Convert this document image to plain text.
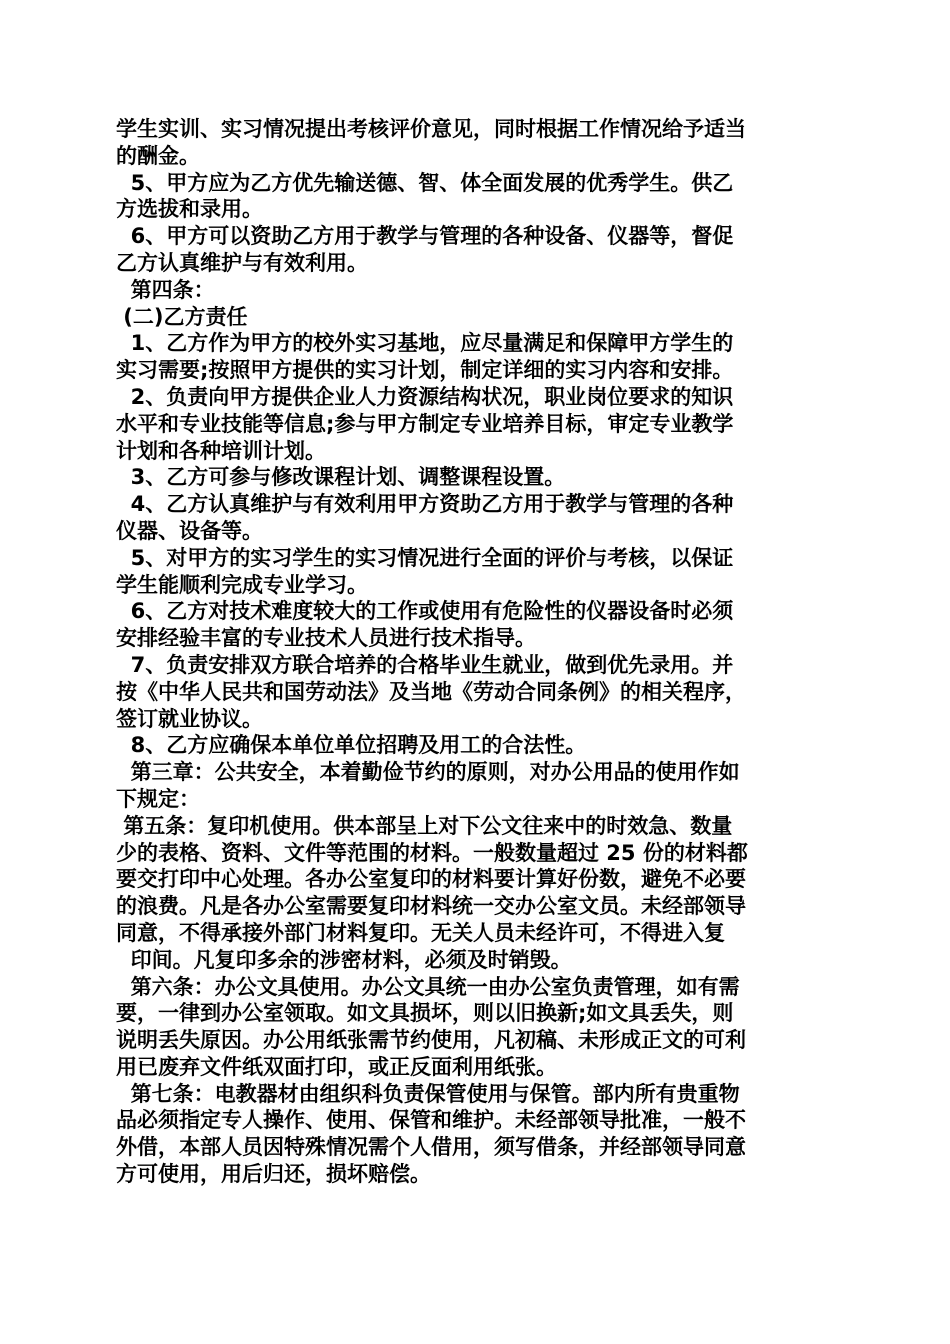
学生实训、实习情况提出考核评价意见，同时根据工作情况给予适当
的酬金。
5、甲方应为乙方优先输送德、智、体全面发展的优秀学生。供乙
方选拔和录用。
6、甲方可以资助乙方用于教学与管理的各种设备、仪器等，督促
乙方认真维护与有效利用。
第四条：
(二)乙方责任
1、乙方作为甲方的校外实习基地，应尽量满足和保障甲方学生的
实习需要;按照甲方提供的实习计划，制定详细的实习内容和安排。
2、负责向甲方提供企业人力资源结构状况，职业岗位要求的知识
水平和专业技能等信息;参与甲方制定专业培养目标，审定专业教学
计划和各种培训计划。
3、乙方可参与修改课程计划、调整课程设置。
4、乙方认真维护与有效利用甲方资助乙方用于教学与管理的各种
仪器、设备等。
5、对甲方的实习学生的实习情况进行全面的评价与考核，以保证
学生能顺利完成专业学习。
6、乙方对技术难度较大的工作或使用有危险性的仪器设备时必须
安排经验丰富的专业技术人员进行技术指导。
7、负责安排双方联合培养的合格毕业生就业，做到优先录用。并
按《中华人民共和国劳动法》及当地《劳动合同条例》的相关程序，
签订就业协议。
8、乙方应确保本单位单位招聘及用工的合法性。
第三章：公共安全，本着勤俭节约的原则，对办公用品的使用作如
下规定：
第五条：复印机使用。供本部呈上对下公文往来中的时效急、数量
少的表格、资料、文件等范围的材料。一般数量超过 25 份的材料都
要交打印中心处理。各办公室复印的材料要计算好份数，避免不必要
的浪费。凡是各办公室需要复印材料统一交办公室文员。未经部领导
同意，不得承接外部门材料复印。无关人员未经许可，不得进入复
印间。凡复印多余的涉密材料，必须及时销毁。
第六条：办公文具使用。办公文具统一由办公室负责管理，如有需
要，一律到办公室领取。如文具损坏，则以旧换新;如文具丢失，则
说明丢失原因。办公用纸张需节约使用，凡初稿、未形成正文的可利
用已废弃文件纸双面打印，或正反面利用纸张。
第七条：电教器材由组织科负责保管使用与保管。部内所有贵重物
品必须指定专人操作、使用、保管和维护。未经部领导批准，一般不
外借，本部人员因特殊情况需个人借用，须写借条，并经部领导同意
方可使用，用后归还，损坏赔偿。
